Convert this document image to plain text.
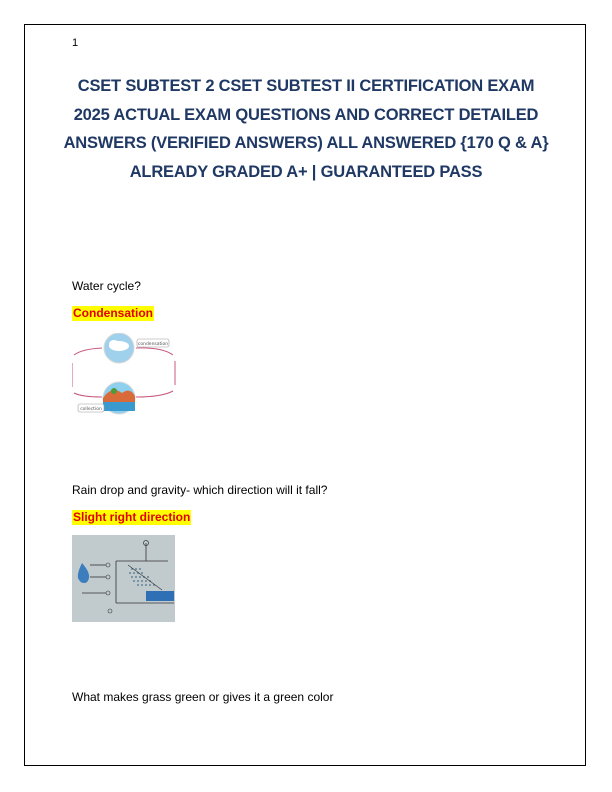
1
CSET SUBTEST 2 CSET SUBTEST II CERTIFICATION EXAM 2025 ACTUAL EXAM QUESTIONS AND CORRECT DETAILED ANSWERS (VERIFIED ANSWERS) ALL ANSWERED {170 Q & A} ALREADY GRADED A+ | GUARANTEED PASS
Water cycle?
Condensation
condensation
collection
Rain drop and gravity- which direction will it fall?
Slight right direction
What makes grass green or gives it a green color
